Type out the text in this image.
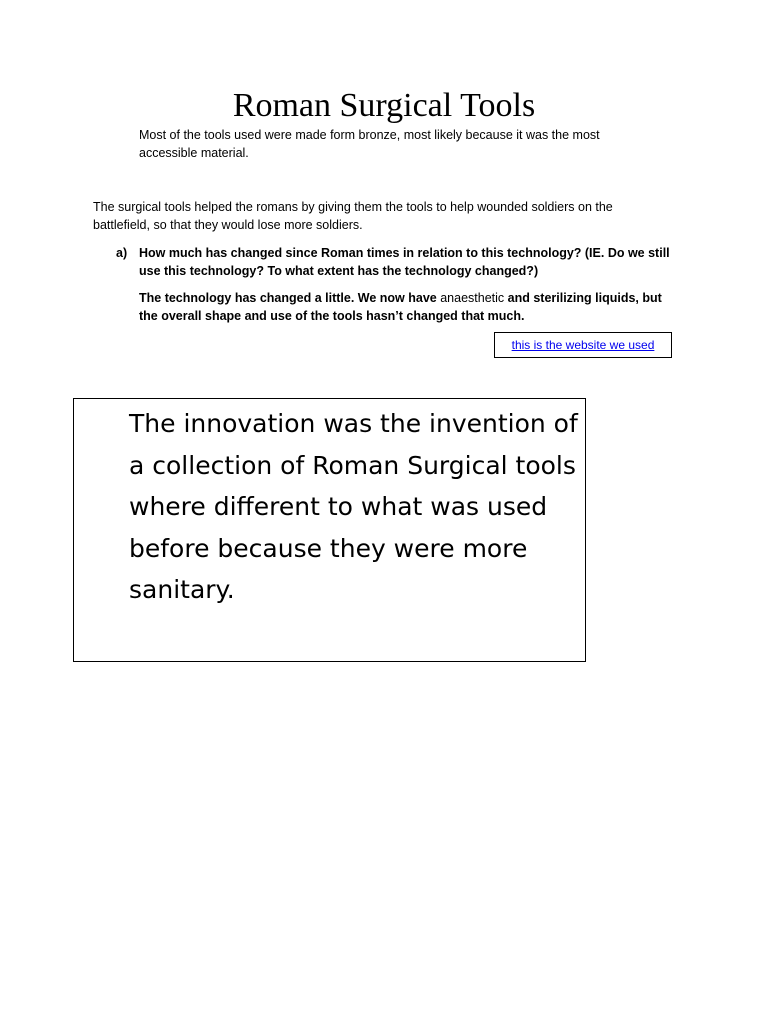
Roman Surgical Tools

Most of the tools used were made form bronze, most likely because it was the most accessible material.

The surgical tools helped the romans by giving them the tools to help wounded soldiers on the battlefield, so that they would lose more soldiers.

a) How much has changed since Roman times in relation to this technology? (IE. Do we still use this technology? To what extent has the technology changed?)

The technology has changed a little. We now have anaesthetic and sterilizing liquids, but the overall shape and use of the tools hasn’t changed that much.

this is the website we used

The innovation was the invention of a collection of Roman Surgical tools where different to what was used before because they were more sanitary.
